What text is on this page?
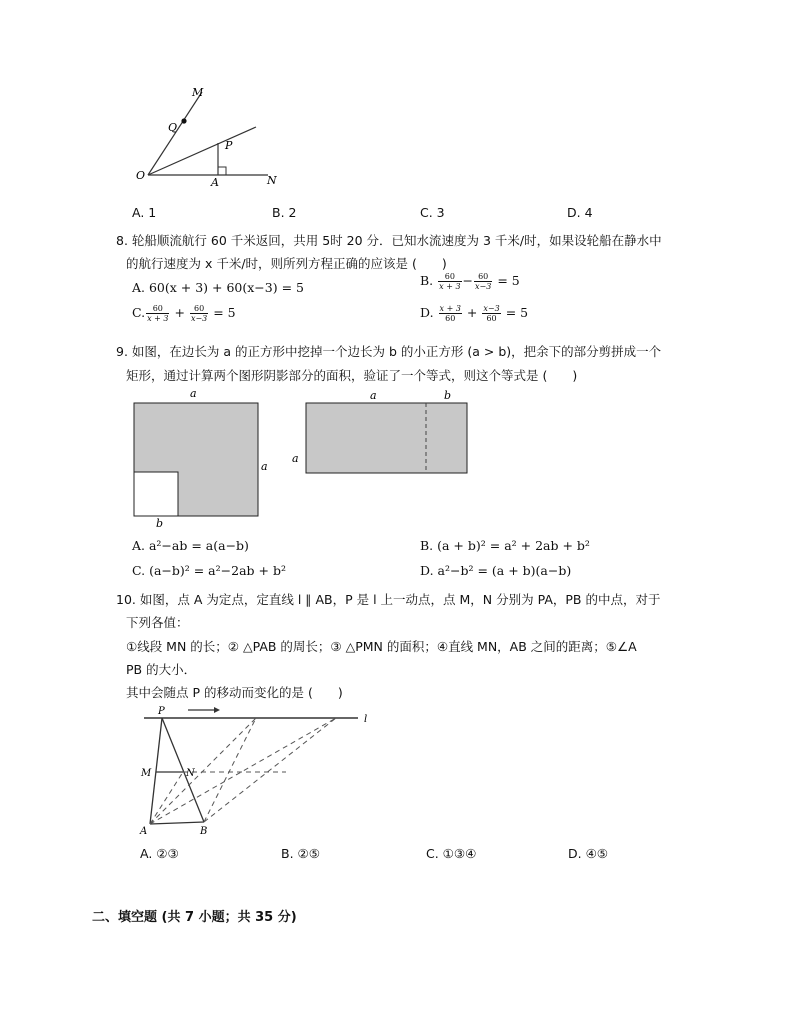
M
Q
P
O
A	N
A. 1	B. 2	C. 3	D. 4
8. 轮船顺流航行 60 千米返回，共用 5时 20 分．已知水流速度为 3 千米/时，如果设轮船在静水中
的航行速度为 x 千米/时，则所列方程正确的应该是 (　　)
A. 60(x + 3) + 60(x−3) = 5	B. $\frac{60}{x + 3} - \frac{60}{x-3} = 5$
C. $\frac{60}{x + 3} + \frac{60}{x-3} = 5$	D. $\frac{x + 3}{60} + \frac{x-3}{60} = 5$
9. 如图，在边长为 a 的正方形中挖掉一个边长为 b 的小正方形 (a > b)，把余下的部分剪拼成一个
矩形，通过计算两个图形阴影部分的面积，验证了一个等式，则这个等式是 (　　)
a
a
b
a	b
a
A. a²−ab = a(a−b)	B. (a + b)² = a² + 2ab + b²
C. (a−b)² = a²−2ab + b²	D. a²−b² = (a + b)(a−b)
10. 如图，点 A 为定点，定直线 l ∥ AB，P 是 l 上一动点，点 M，N 分别为 PA，PB 的中点，对于
下列各值：
①线段 MN 的长；② △PAB 的周长；③ △PMN 的面积；④直线 MN，AB 之间的距离；⑤∠A
PB 的大小．
其中会随点 P 的移动而变化的是 (　　)
P
l
M	N
A	B
A. ②③	B. ②⑤	C. ①③④	D. ④⑤
二、填空题 (共 7 小题；共 35 分)
